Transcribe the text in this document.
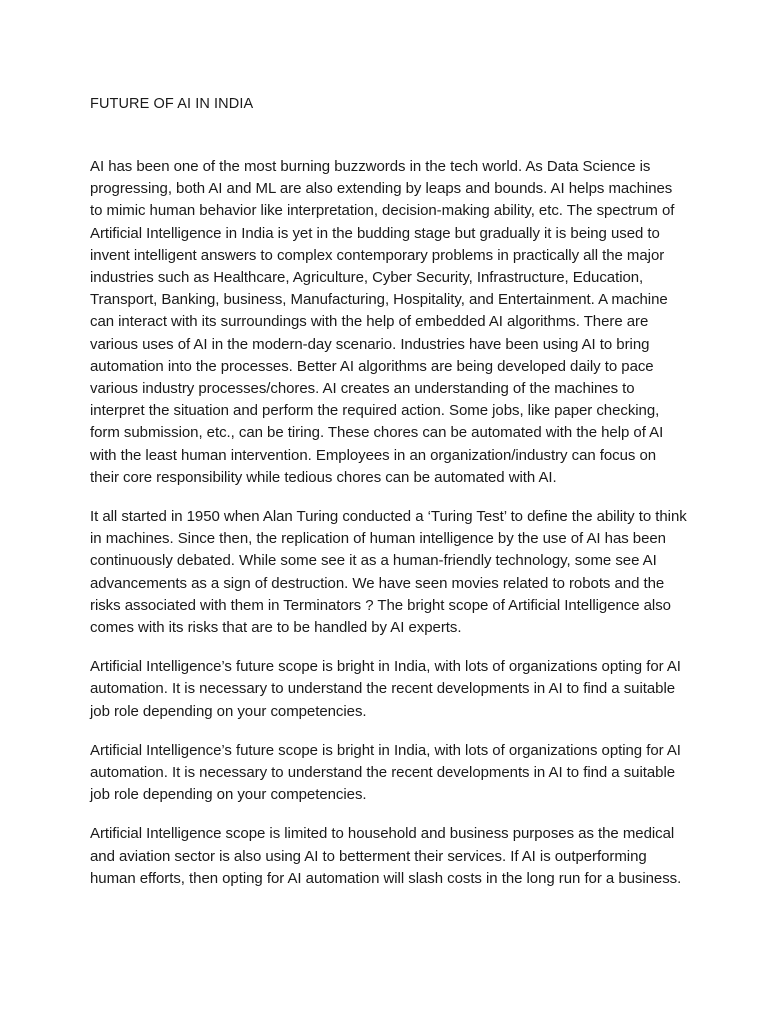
FUTURE OF AI IN INDIA

AI has been one of the most burning buzzwords in the tech world. As Data Science is progressing, both AI and ML are also extending by leaps and bounds. AI helps machines to mimic human behavior like interpretation, decision-making ability, etc. The spectrum of Artificial Intelligence in India is yet in the budding stage but gradually it is being used to invent intelligent answers to complex contemporary problems in practically all the major industries such as Healthcare, Agriculture, Cyber Security, Infrastructure, Education, Transport, Banking, business, Manufacturing, Hospitality, and Entertainment. A machine can interact with its surroundings with the help of embedded AI algorithms. There are various uses of AI in the modern-day scenario. Industries have been using AI to bring automation into the processes. Better AI algorithms are being developed daily to pace various industry processes/chores. AI creates an understanding of the machines to interpret the situation and perform the required action. Some jobs, like paper checking, form submission, etc., can be tiring. These chores can be automated with the help of AI with the least human intervention. Employees in an organization/industry can focus on their core responsibility while tedious chores can be automated with AI.

It all started in 1950 when Alan Turing conducted a ‘Turing Test’ to define the ability to think in machines. Since then, the replication of human intelligence by the use of AI has been continuously debated. While some see it as a human-friendly technology, some see AI advancements as a sign of destruction. We have seen movies related to robots and the risks associated with them in Terminators ? The bright scope of Artificial Intelligence also comes with its risks that are to be handled by AI experts.

Artificial Intelligence’s future scope is bright in India, with lots of organizations opting for AI automation. It is necessary to understand the recent developments in AI to find a suitable job role depending on your competencies.

Artificial Intelligence’s future scope is bright in India, with lots of organizations opting for AI automation. It is necessary to understand the recent developments in AI to find a suitable job role depending on your competencies.

Artificial Intelligence scope is limited to household and business purposes as the medical and aviation sector is also using AI to betterment their services. If AI is outperforming human efforts, then opting for AI automation will slash costs in the long run for a business.
